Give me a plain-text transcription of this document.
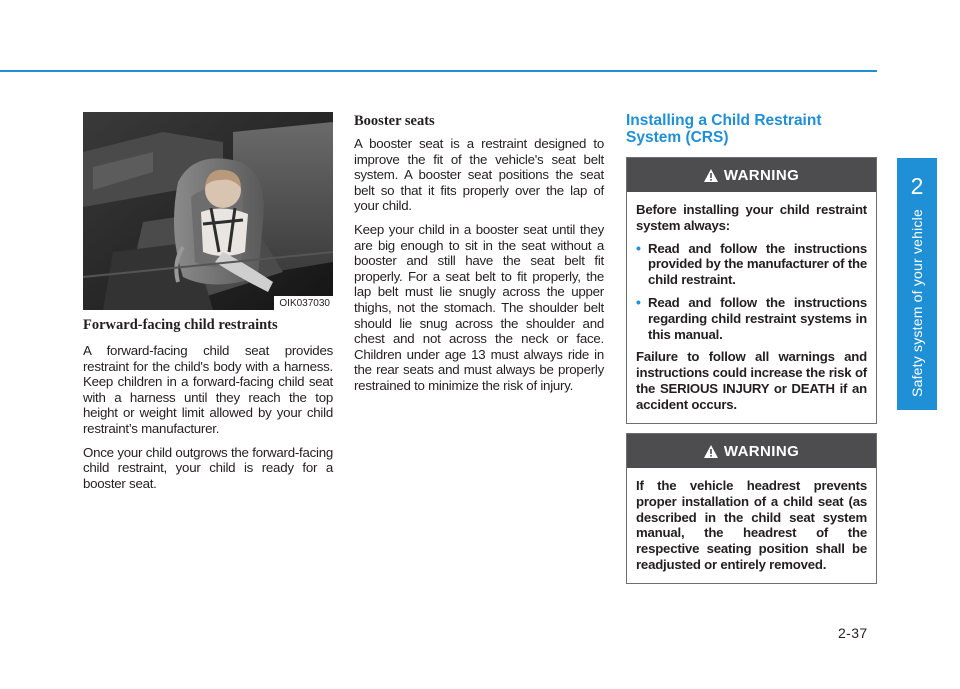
OIK037030
Forward-facing child restraints

A forward-facing child seat provides restraint for the child's body with a harness. Keep children in a forward-facing child seat with a harness until they reach the top height or weight limit allowed by your child restraint’s manufacturer.

Once your child outgrows the forward-facing child restraint, your child is ready for a booster seat.

Booster seats

A booster seat is a restraint designed to improve the fit of the vehicle's seat belt system. A booster seat positions the seat belt so that it fits properly over the lap of your child.

Keep your child in a booster seat until they are big enough to sit in the seat without a booster and still have the seat belt fit properly. For a seat belt to fit properly, the lap belt must lie snugly across the upper thighs, not the stomach. The shoulder belt should lie snug across the shoulder and chest and not across the neck or face. Children under age 13 must always ride in the rear seats and must always be properly restrained to minimize the risk of injury.

Installing a Child Restraint System (CRS)
WARNING

Before installing your child restraint system always:

• Read and follow the instructions provided by the manufacturer of the child restraint.
• Read and follow the instructions regarding child restraint systems in this manual.

Failure to follow all warnings and instructions could increase the risk of the SERIOUS INJURY or DEATH if an accident occurs.

WARNING

If the vehicle headrest prevents proper installation of a child seat (as described in the child seat system manual, the headrest of the respective seating position shall be readjusted or entirely removed.

2
Safety system of your vehicle
2-37
